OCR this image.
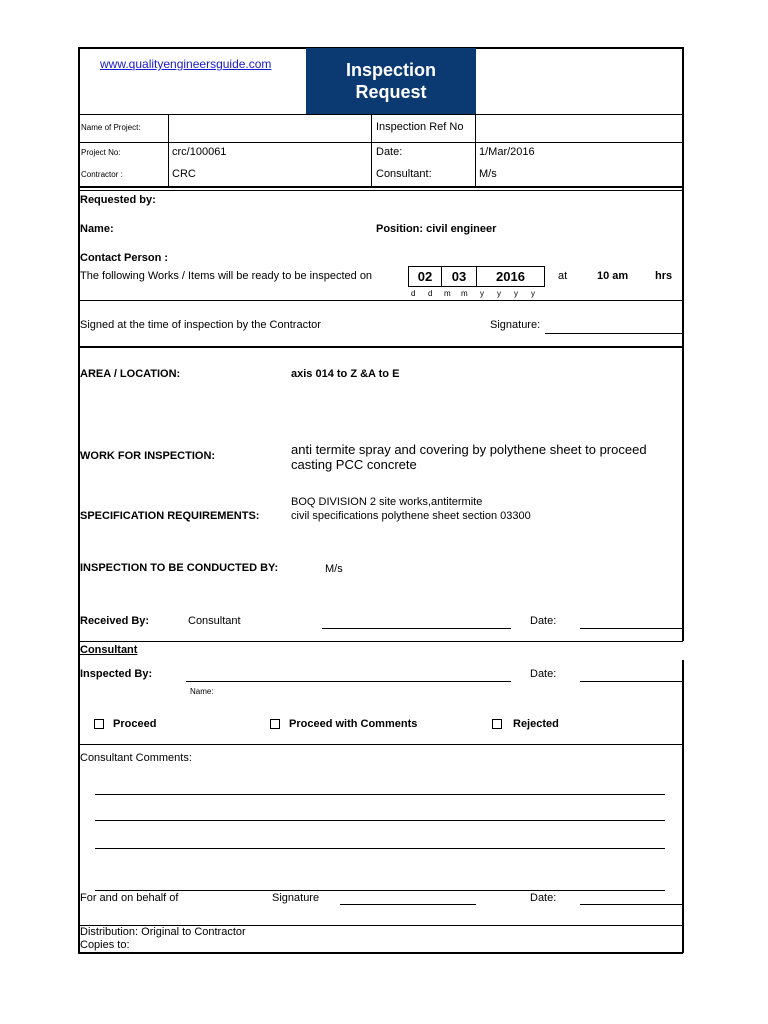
www.qualityengineersguide.com	Inspection
Request
Name of Project:	Inspection Ref No
Project No:	crc/100061	Date:	1/Mar/2016
Contractor :	CRC	Consultant:	M/s
Requested by:
Name:	Position: civil engineer
Contact Person :
The following Works / Items will be ready to be inspected on	02 03 2016
d d m m y y y y
at	10 am hrs
Signed at the time of inspection by the Contractor	Signature:
AREA / LOCATION:	axis 014 to Z &A to E
WORK FOR INSPECTION:	anti termite spray and covering by polythene sheet to proceed
casting PCC concrete
SPECIFICATION REQUIREMENTS:
BOQ DIVISION 2 site works,antitermite
civil specifications polythene sheet section 03300
INSPECTION TO BE CONDUCTED BY:	M/s
Received By:	Consultant	Date:
Consultant
Inspected By:	Date:
Name:
Proceed	Proceed with Comments	Rejected
Consultant Comments:
For and on behalf of	Signature	Date:
Distribution: Original to Contractor
Copies to:
